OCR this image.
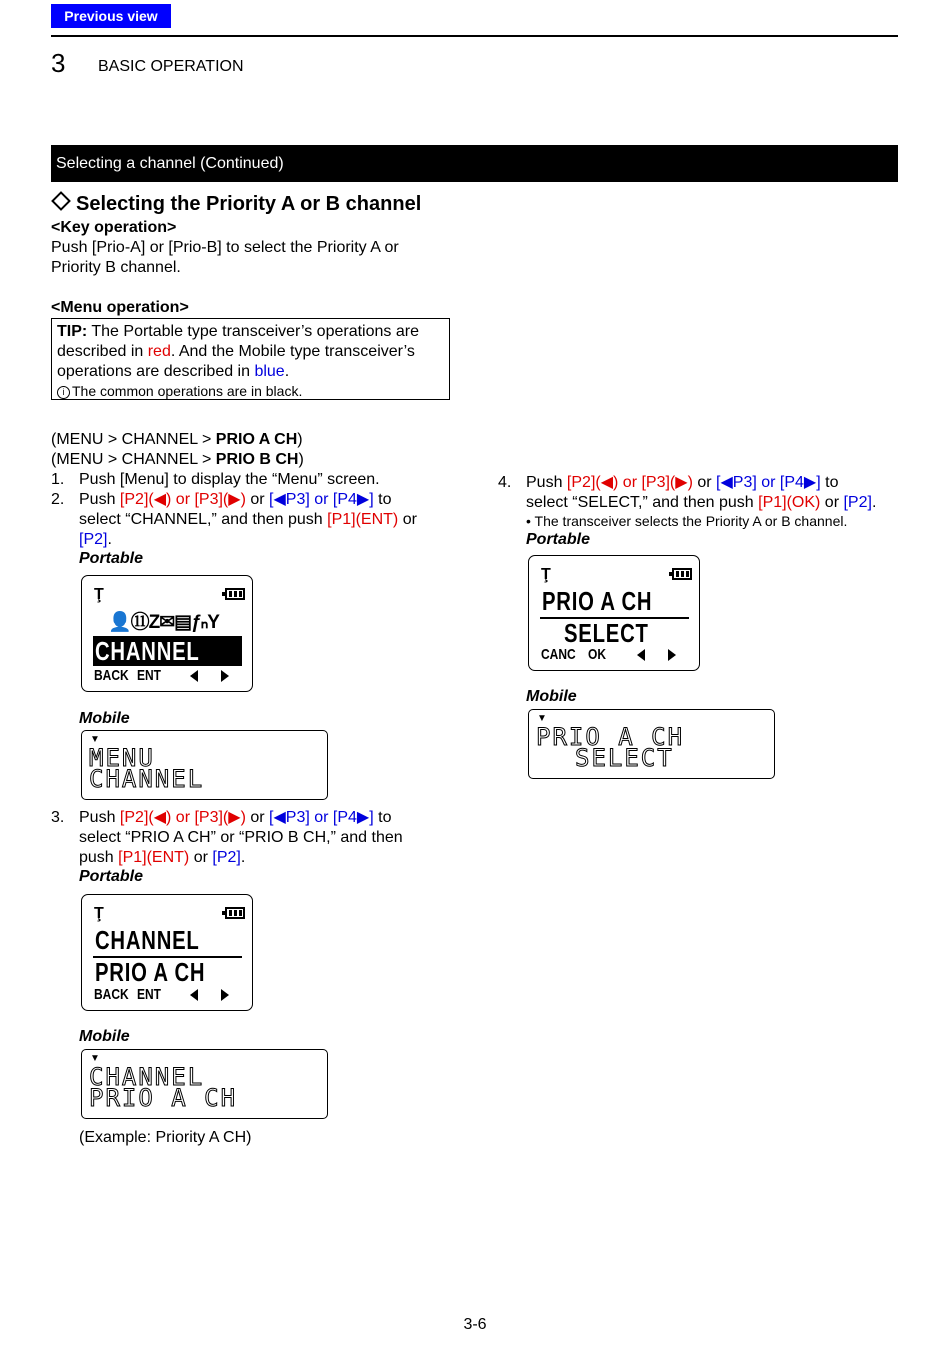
Previous view
3 BASIC OPERATION
Selecting a channel (Continued)
Selecting the Priority A or B channel
<Key operation>
Push [Prio-A] or [Prio-B] to select the Priority A or
Priority B channel.
<Menu operation>
TIP: The Portable type transceiver’s operations are
described in red. And the Mobile type transceiver’s
operations are described in blue.
i The common operations are in black.
(MENU > CHANNEL > PRIO A CH)
(MENU > CHANNEL > PRIO B CH)
1. Push [Menu] to display the “Menu” screen.
2. Push [P2](◀) or [P3](▶) or [◀P3] or [P4▶] to
select “CHANNEL,” and then push [P1](ENT) or
[P2].
Portable
Ţ
👤⑪Z✉▤ƒₙY
CHANNEL
BACK ENT
Mobile
▼
MENU
CHANNEL
3. Push [P2](◀) or [P3](▶) or [◀P3] or [P4▶] to
select “PRIO A CH” or “PRIO B CH,” and then
push [P1](ENT) or [P2].
Portable
Ţ
CHANNEL
PRIO A CH
BACK ENT
Mobile
▼
CHANNEL
PRIO A CH
(Example: Priority A CH)
4. Push [P2](◀) or [P3](▶) or [◀P3] or [P4▶] to
select “SELECT,” and then push [P1](OK) or [P2].
• The transceiver selects the Priority A or B channel.
Portable
Ţ
PRIO A CH
SELECT
CANC OK
Mobile
▼
PRIO A CH
SELECT
3-6
